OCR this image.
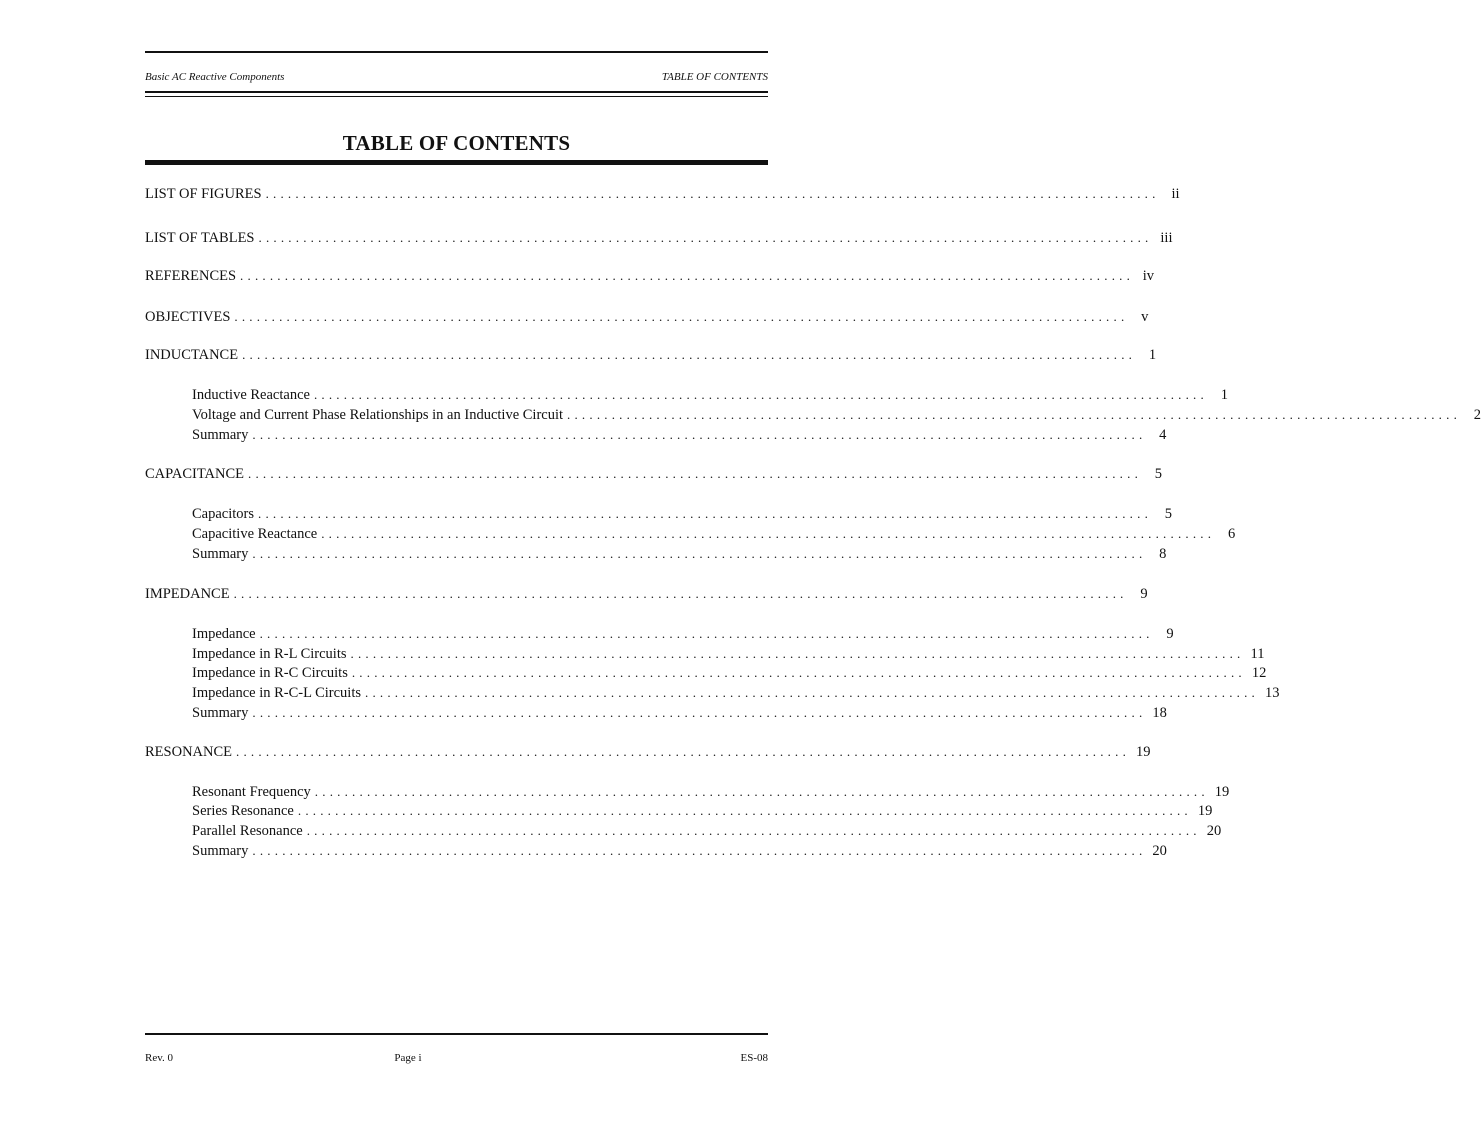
Basic AC Reactive Components	TABLE OF CONTENTS
TABLE OF CONTENTS
LIST OF FIGURES ........................................................................................................................ ii
LIST OF TABLES ........................................................................................................................ iii
REFERENCES ........................................................................................................................ iv
OBJECTIVES ........................................................................................................................ v
INDUCTANCE ........................................................................................................................ 1
Inductive Reactance ........................................................................................................................ 1
Voltage and Current Phase Relationships in an Inductive Circuit ........................................................................................................................ 2
Summary ........................................................................................................................ 4
CAPACITANCE ........................................................................................................................ 5
Capacitors ........................................................................................................................ 5
Capacitive Reactance ........................................................................................................................ 6
Summary ........................................................................................................................ 8
IMPEDANCE ........................................................................................................................ 9
Impedance ........................................................................................................................ 9
Impedance in R-L Circuits ........................................................................................................................ 11
Impedance in R-C Circuits ........................................................................................................................ 12
Impedance in R-C-L Circuits ........................................................................................................................ 13
Summary ........................................................................................................................ 18
RESONANCE ........................................................................................................................ 19
Resonant Frequency ........................................................................................................................ 19
Series Resonance ........................................................................................................................ 19
Parallel Resonance ........................................................................................................................ 20
Summary ........................................................................................................................ 20
Rev. 0	Page i	ES-08
